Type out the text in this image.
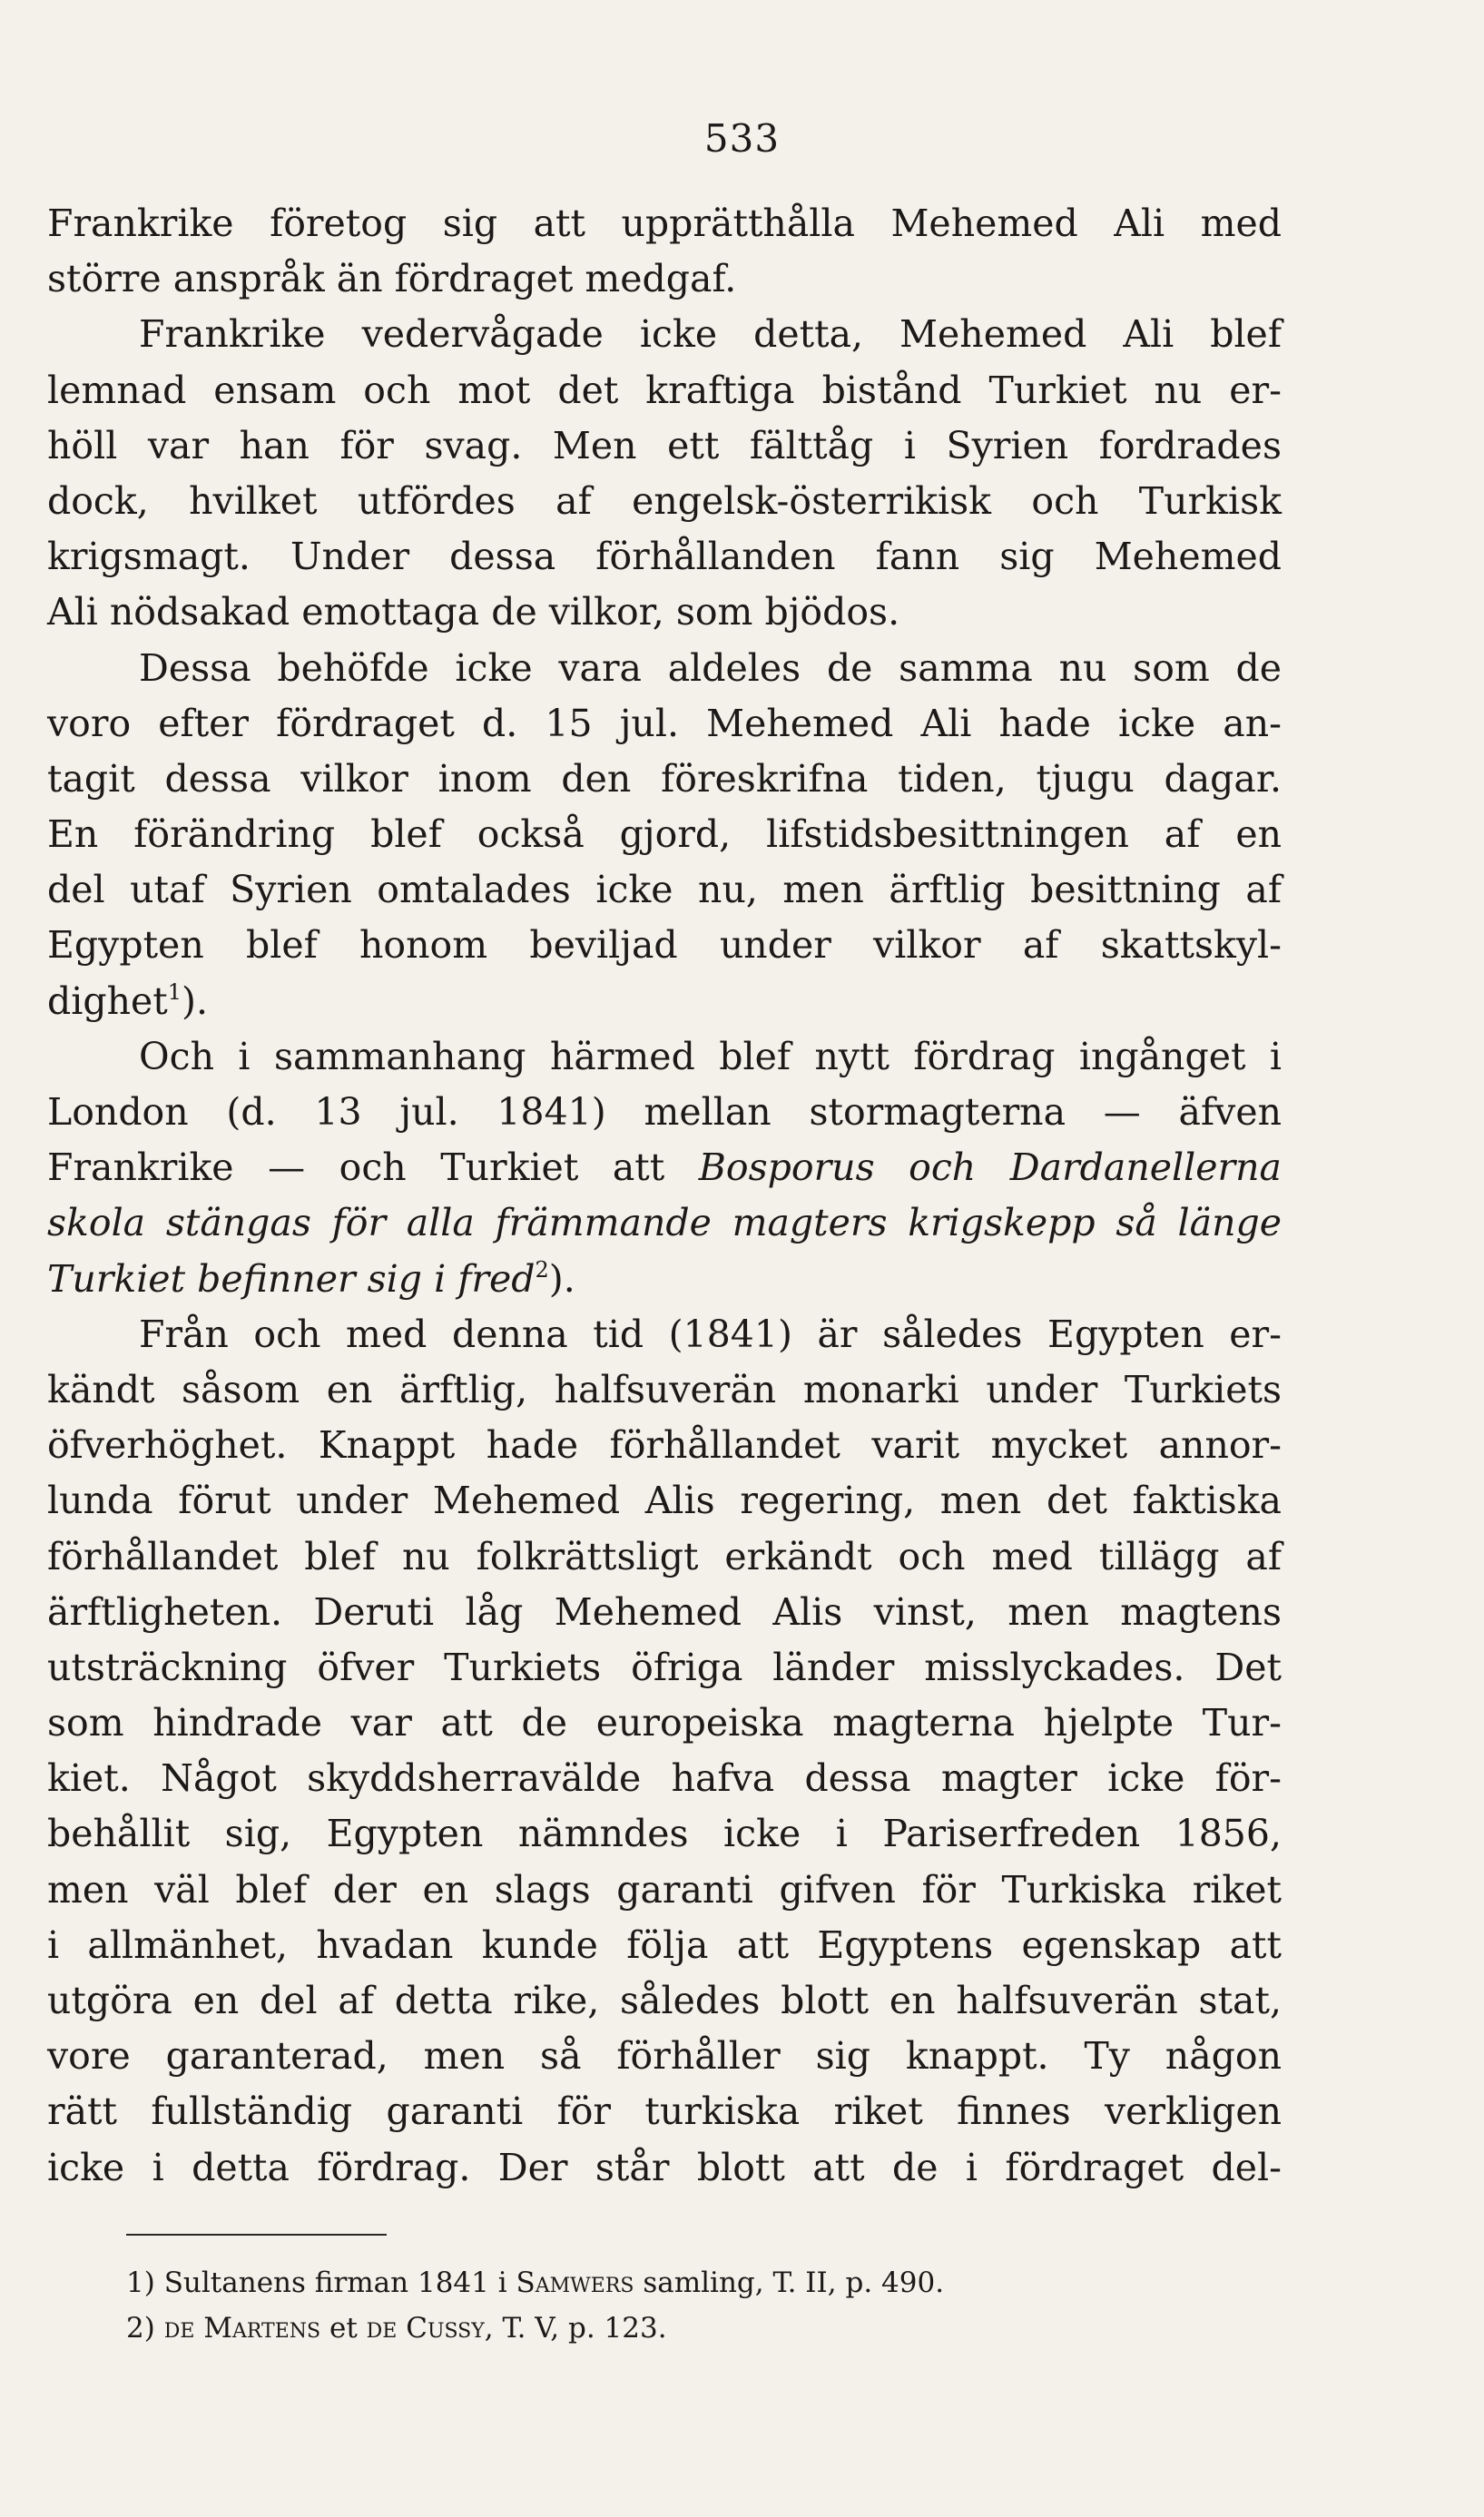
533
Frankrike företog sig att upprätthålla Mehemed Ali med
större anspråk än fördraget medgaf.
Frankrike vedervågade icke detta, Mehemed Ali blef
lemnad ensam och mot det kraftiga bistånd Turkiet nu er-
höll var han för svag. Men ett fälttåg i Syrien fordrades
dock, hvilket utfördes af engelsk-österrikisk och Turkisk
krigsmagt. Under dessa förhållanden fann sig Mehemed
Ali nödsakad emottaga de vilkor, som bjödos.
Dessa behöfde icke vara aldeles de samma nu som de
voro efter fördraget d. 15 jul. Mehemed Ali hade icke an-
tagit dessa vilkor inom den föreskrifna tiden, tjugu dagar.
En förändring blef också gjord, lifstidsbesittningen af en
del utaf Syrien omtalades icke nu, men ärftlig besittning af
Egypten blef honom beviljad under vilkor af skattskyl-
dighet$^1$).
Och i sammanhang härmed blef nytt fördrag ingånget i
London (d. 13 jul. 1841) mellan stormagterna — äfven
Frankrike — och Turkiet att Bosporus och Dardanellerna
skola stängas för alla främmande magters krigskepp så länge
Turkiet befinner sig i fred$^2$).
Från och med denna tid (1841) är således Egypten er-
kändt såsom en ärftlig, halfsuverän monarki under Turkiets
öfverhöghet. Knappt hade förhållandet varit mycket annor-
lunda förut under Mehemed Alis regering, men det faktiska
förhållandet blef nu folkrättsligt erkändt och med tillägg af
ärftligheten. Deruti låg Mehemed Alis vinst, men magtens
utsträckning öfver Turkiets öfriga länder misslyckades. Det
som hindrade var att de europeiska magterna hjelpte Tur-
kiet. Något skyddsherravälde hafva dessa magter icke för-
behållit sig, Egypten nämndes icke i Pariserfreden 1856,
men väl blef der en slags garanti gifven för Turkiska riket
i allmänhet, hvadan kunde följa att Egyptens egenskap att
utgöra en del af detta rike, således blott en halfsuverän stat,
vore garanterad, men så förhåller sig knappt. Ty någon
rätt fullständig garanti för turkiska riket finnes verkligen
icke i detta fördrag. Der står blott att de i fördraget del-
1) Sultanens firman 1841 i Samwers samling, T. II, p. 490.
2) de Martens et de Cussy, T. V, p. 123.
